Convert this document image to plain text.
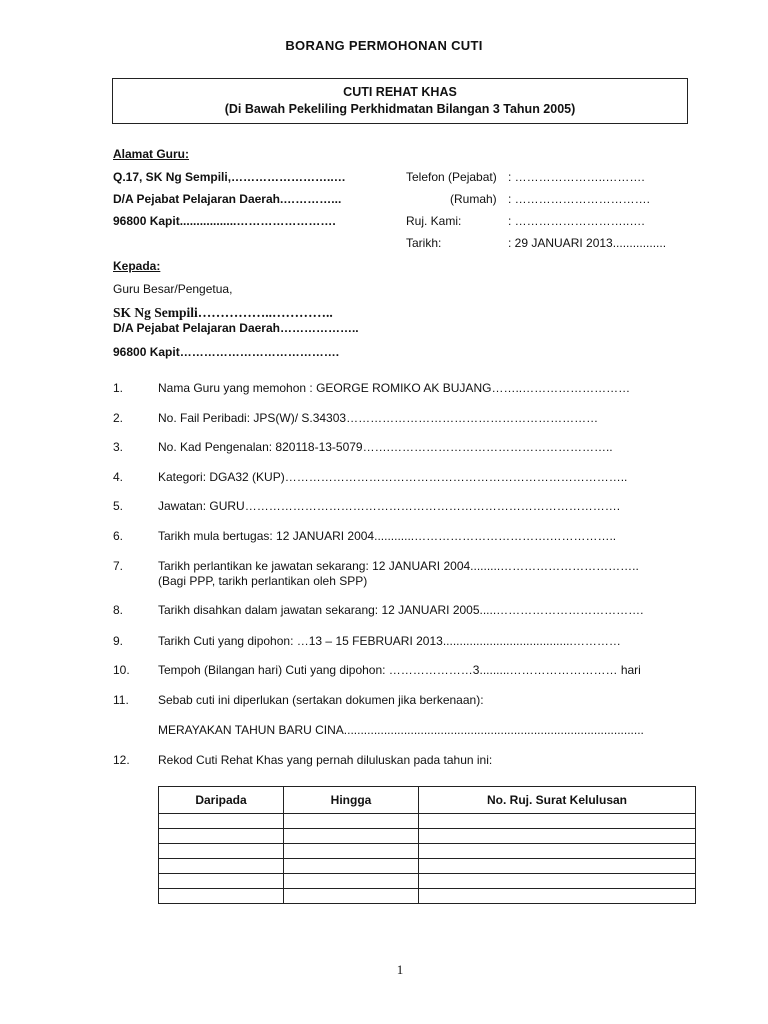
BORANG PERMOHONAN CUTI
CUTI REHAT KHAS
(Di Bawah Pekeliling Perkhidmatan Bilangan 3 Tahun 2005)
Alamat Guru:
Q.17, SK Ng Sempili,……………………..…
D/A Pejabat Pelajaran Daerah.…………...
96800 Kapit.................…………………….
Telefon (Pejabat) : …………………..……….
(Rumah) : …………………………….
Ruj. Kami:	: ………………………..….
Tarikh:	: 29 JANUARI 2013................
Kepada:
Guru Besar/Pengetua,
SK Ng Sempili……………..…………..
D/A Pejabat Pelajaran Daerah………………..
96800 Kapit………………………………….
1.	Nama Guru yang memohon : GEORGE ROMIKO AK BUJANG……..………………………
2.	No. Fail Peribadi: JPS(W)/ S.34303………………………………………………………
3.	No. Kad Pengenalan: 820118-13-5079…….………………………………………………..
4.	Kategori: DGA32 (KUP)…………………………………………………………………………..
5.	Jawatan: GURU………………………………………………………………………………….
6.	Tarikh mula bertugas: 12 JANUARI 2004............…………………………….……………..
7.	Tarikh perlantikan ke jawatan sekarang: 12 JANUARI 2004.........……………………………..
(Bagi PPP, tarikh perlantikan oleh SPP)
8.	Tarikh disahkan dalam jawatan sekarang: 12 JANUARI 2005.....……………………………….
9.	Tarikh Cuti yang dipohon: …13 – 15 FEBRUARI 2013.......................................…………
10. Tempoh (Bilangan hari) Cuti yang dipohon: …………………3.........……………………… hari
11. Sebab cuti ini diperlukan (sertakan dokumen jika berkenaan):
MERAYAKAN TAHUN BARU CINA..........................................................................................
12. Rekod Cuti Rehat Khas yang pernah diluluskan pada tahun ini:
Daripada	Hingga	No. Ruj. Surat Kelulusan

1
